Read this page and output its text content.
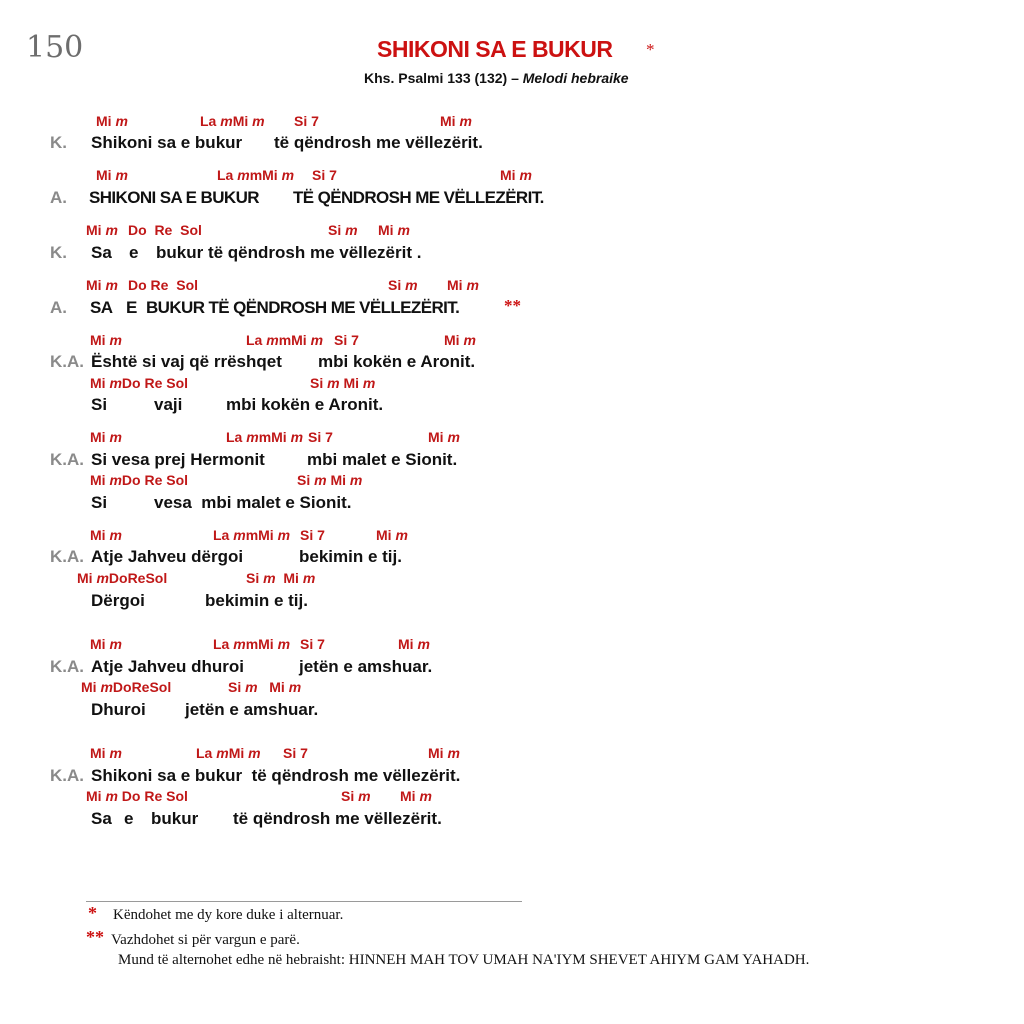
150	SHIKONI SA E BUKUR *
Khs. Psalmi 133 (132) – Melodi hebraike
Mi m	La mMi m Si 7	Mi m
K. Shikoni sa e bukur të qëndrosh me vëllezërit.
Mi m	La mmMi m Si 7	Mi m
A. SHIKONI SA E BUKUR TË QËNDROSH ME VËLLEZËRIT.
Mi m Do  Re  Sol	Si m Mi m
K. Sa e bukur të qëndrosh me vëllezërit .
Mi m Do Re  Sol	Si m Mi m
A. SA E BUKUR TË QËNDROSH ME VËLLEZËRIT.	**
Mi m	La mmMi m Si 7	Mi m
K.A. Është si vaj që rrëshqet mbi kokën e Aronit.
Mi mDo Re Sol	Si m Mi m
Si	vaji	mbi kokën e Aronit.
Mi m	La mmMi m Si 7	Mi m
K.A. Si vesa prej Hermonit mbi malet e Sionit.
Mi mDo Re Sol	Si m Mi m
Si	vesa  mbi malet e Sionit.
Mi m	La mmMi m Si 7	Mi m
K.A. Atje Jahveu dërgoi	bekimin e tij.
Mi mDoReSol	Si m  Mi m
Dërgoi	bekimin e tij.
Mi m	La mmMi m Si 7	Mi m
K.A. Atje Jahveu dhuroi	jetën e amshuar.
Mi mDoReSol	Si m   Mi m
Dhuroi jetën e amshuar.
Mi m	La mMi m Si 7	Mi m
K.A. Shikoni sa e bukur  të qëndrosh me vëllezërit.
Mi m Do Re Sol	Si m Mi m
Sa e bukur të qëndrosh me vëllezërit.
* Këndohet me dy kore duke i alternuar.
** Vazhdohet si për vargun e parë.
Mund të alternohet edhe në hebraisht: HINNEH MAH TOV UMAH NA'IYM SHEVET AHIYM GAM YAHADH.
